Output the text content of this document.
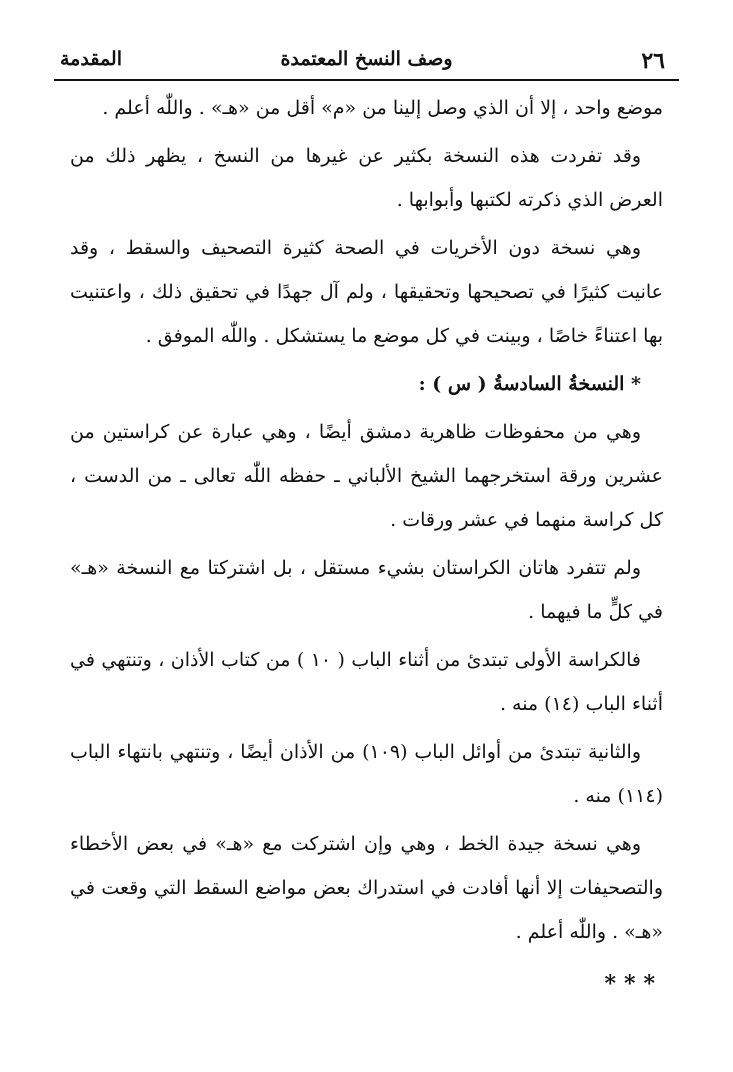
٢٦
وصف النسخ المعتمدة
المقدمة

موضع واحد ، إلا أن الذي وصل إلينا من «م» أقل من «هـ» . واللّٰه أعلم .

وقد تفردت هذه النسخة بكثير عن غيرها من النسخ ، يظهر ذلك من العرض الذي ذكرته لكتبها وأبوابها .

وهي نسخة دون الأخريات في الصحة كثيرة التصحيف والسقط ، وقد عانيت كثيرًا في تصحيحها وتحقيقها ، ولم آل جهدًا في تحقيق ذلك ، واعتنيت بها اعتناءً خاصًا ، وبينت في كل موضع ما يستشكل . واللّٰه الموفق .

* النسخةُ السادسةُ ( س ) :

وهي من محفوظات ظاهرية دمشق أيضًا ، وهي عبارة عن كراستين من عشرين ورقة استخرجهما الشيخ الألباني ـ حفظه اللّٰه تعالى ـ من الدست ، كل كراسة منهما في عشر ورقات .

ولم تتفرد هاتان الكراستان بشيء مستقل ، بل اشتركتا مع النسخة «هـ» في كلٍّ ما فيهما .

فالكراسة الأولى تبتدئ من أثناء الباب ( ١٠ ) من كتاب الأذان ، وتنتهي في أثناء الباب (١٤) منه .

والثانية تبتدئ من أوائل الباب (١٠٩) من الأذان أيضًا ، وتنتهي بانتهاء الباب (١١٤) منه .

وهي نسخة جيدة الخط ، وهي وإن اشتركت مع «هـ» في بعض الأخطاء والتصحيفات إلا أنها أفادت في استدراك بعض مواضع السقط التي وقعت في «هـ» . واللّٰه أعلم .

***
